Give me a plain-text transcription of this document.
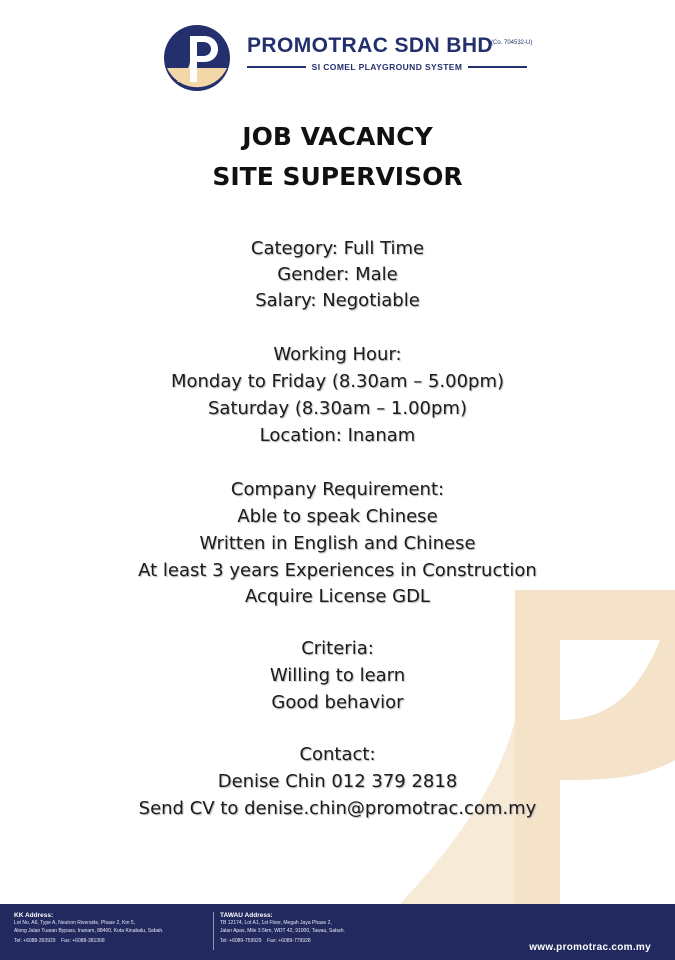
PROMOTRAC SDN BHD
(Co. 704532-U)
SI COMEL PLAYGROUND SYSTEM
JOB VACANCY
SITE SUPERVISOR
Category: Full Time
Gender: Male
Salary: Negotiable
Working Hour:
Monday to Friday (8.30am – 5.00pm)
Saturday (8.30am – 1.00pm)
Location: Inanam
Company Requirement:
Able to speak Chinese
Written in English and Chinese
At least 3 years Experiences in Construction
Acquire License GDL
Criteria:
Willing to learn
Good behavior
Contact:
Denise Chin 012 379 2818
Send CV to denise.chin@promotrac.com.my
KK Address:
Lot No. A6, Type A, Neutron Riverside, Phase 2, Km 5,
Along Jalan Tuaran Bypass, Inanam, 88400, Kota Kinabalu, Sabah.
Tel: +6088-393929 Fax: +6088-381368
TAWAU Address:
TB 12174, Lot A1, 1st Floor, Megah Jaya Phase 2,
Jalan Apas, Mile 3.5km, WDT 42, 91000, Tawau, Sabah.
Tel: +6089-759929 Fax: +6089-779928
www.promotrac.com.my
